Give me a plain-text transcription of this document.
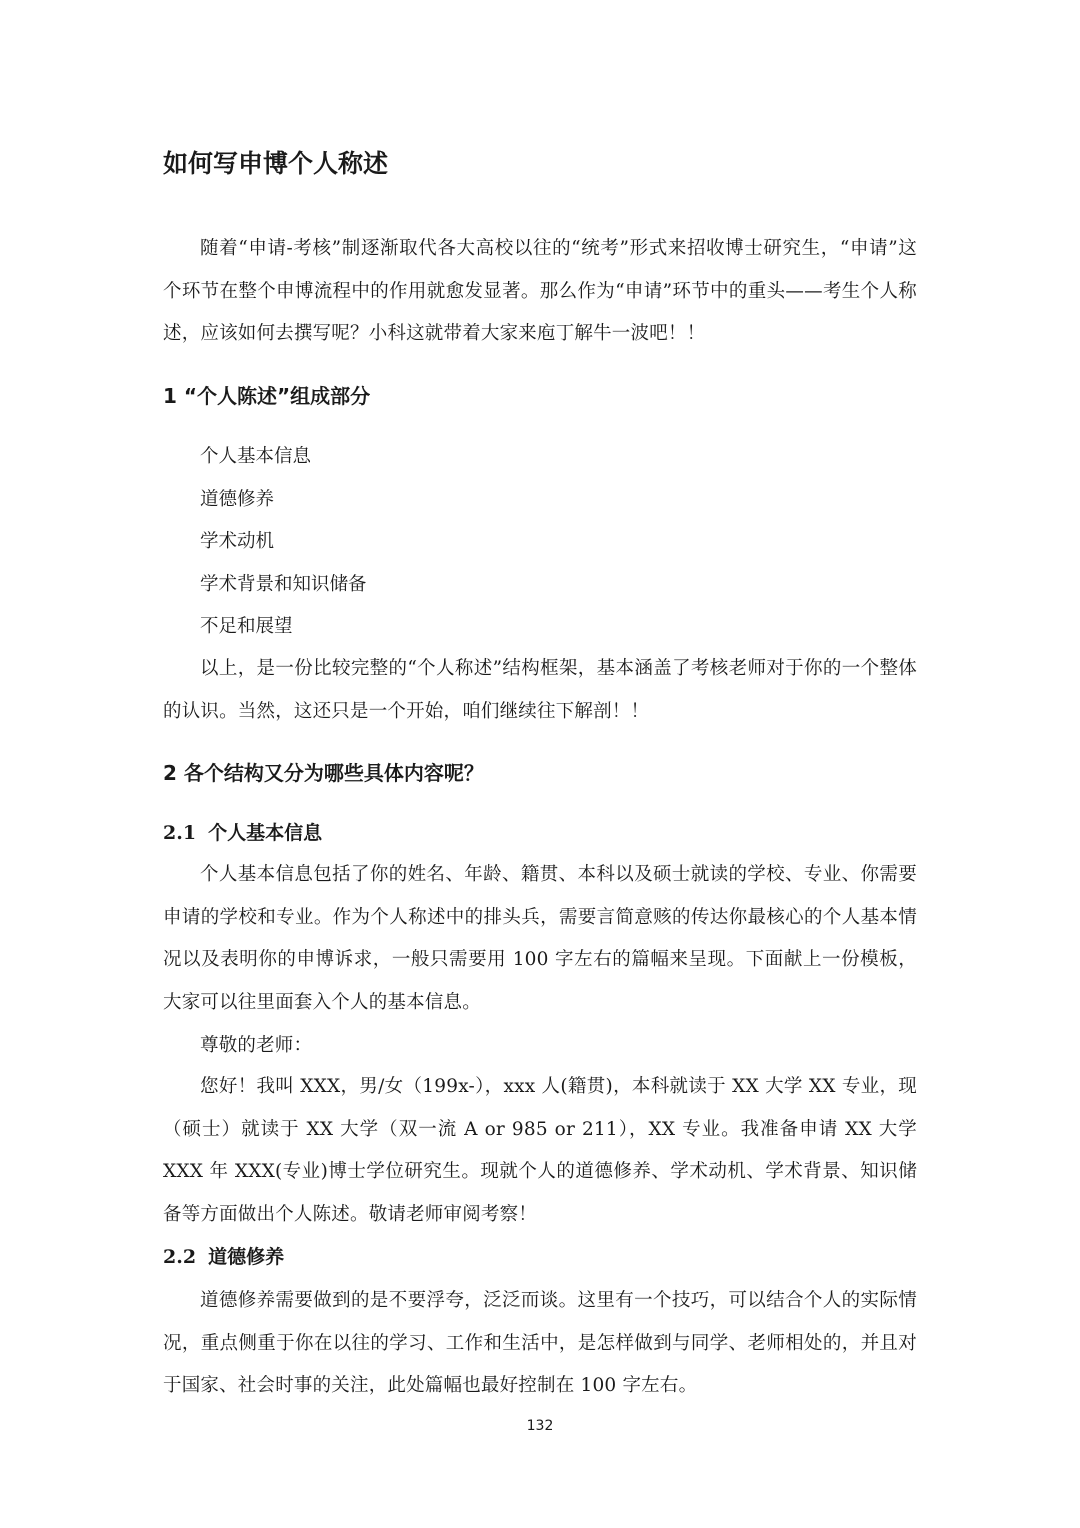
如何写申博个人称述

随着“申请-考核”制逐渐取代各大高校以往的“统考”形式来招收博士研究生，“申请”这个环节在整个申博流程中的作用就愈发显著。那么作为“申请”环节中的重头——考生个人称述，应该如何去撰写呢？小科这就带着大家来庖丁解牛一波吧！！

1 “个人陈述”组成部分
个人基本信息
道德修养
学术动机
学术背景和知识储备
不足和展望

以上，是一份比较完整的“个人称述”结构框架，基本涵盖了考核老师对于你的一个整体的认识。当然，这还只是一个开始，咱们继续往下解剖！！

2 各个结构又分为哪些具体内容呢？
2.1 个人基本信息

个人基本信息包括了你的姓名、年龄、籍贯、本科以及硕士就读的学校、专业、你需要申请的学校和专业。作为个人称述中的排头兵，需要言简意赅的传达你最核心的个人基本情况以及表明你的申博诉求，一般只需要用 100 字左右的篇幅来呈现。下面献上一份模板，大家可以往里面套入个人的基本信息。

尊敬的老师：

您好！我叫 XXX，男/女（199x-），xxx 人(籍贯)，本科就读于 XX 大学 XX 专业，现（硕士）就读于 XX 大学（双一流 A or 985 or 211），XX 专业。我准备申请 XX 大学 XXX 年 XXX(专业)博士学位研究生。现就个人的道德修养、学术动机、学术背景、知识储备等方面做出个人陈述。敬请老师审阅考察！

2.2 道德修养

道德修养需要做到的是不要浮夸，泛泛而谈。这里有一个技巧，可以结合个人的实际情况，重点侧重于你在以往的学习、工作和生活中，是怎样做到与同学、老师相处的，并且对于国家、社会时事的关注，此处篇幅也最好控制在 100 字左右。

132
